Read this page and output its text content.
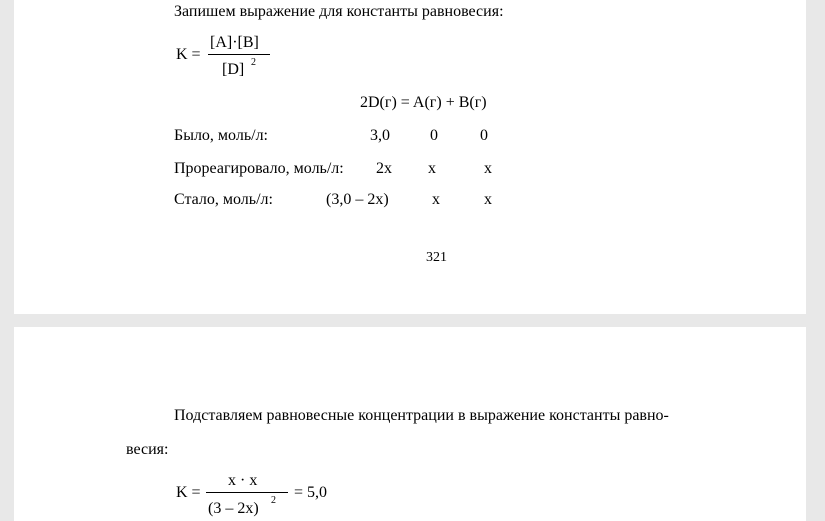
Запишем выражение для константы равновесия:
K =
[A]·[B]
[D] 2
2D(г) = A(г) + B(г)
Было, моль/л:	3,0	0	0
Прореагировало, моль/л: 2x x	x
Стало, моль/л:	(3,0 – 2x)	x	x
321
Подставляем равновесные концентрации в выражение константы равно-
весия:
K =
x · x
(3 – 2x) 2 = 5,0
